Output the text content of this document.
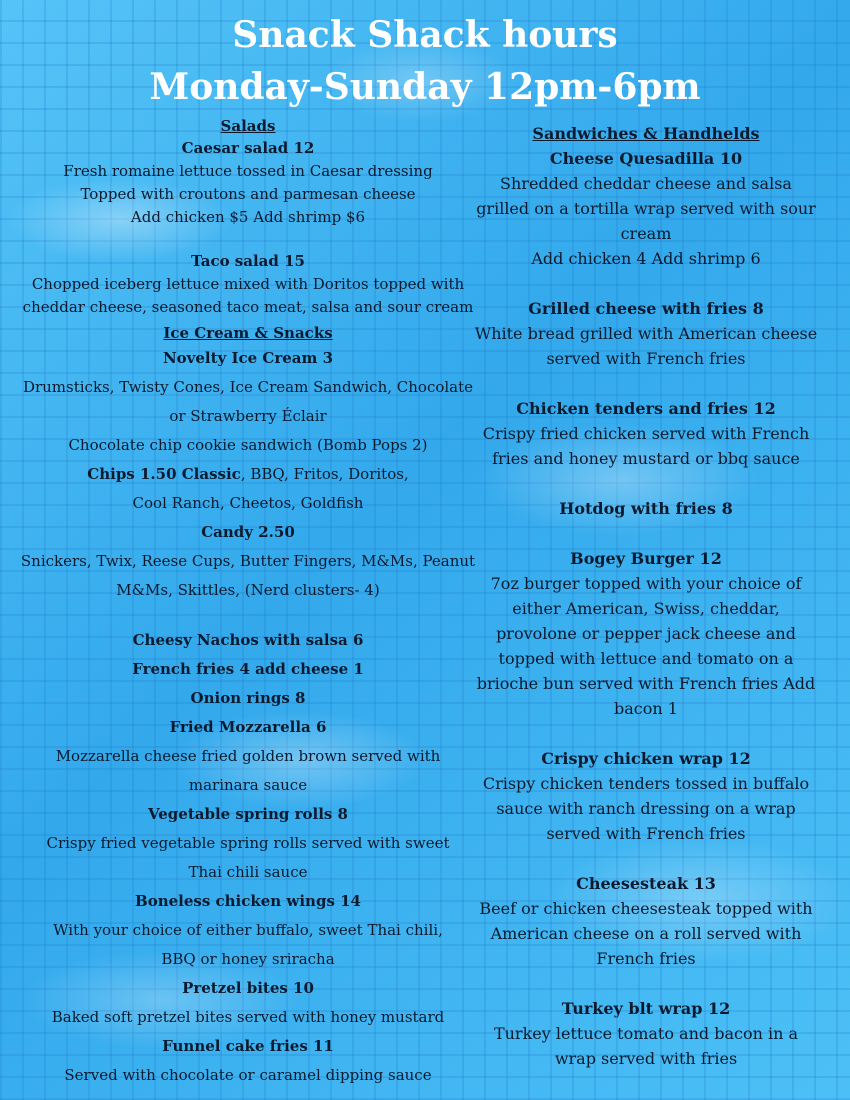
Snack Shack hours
Monday-Sunday 12pm-6pm
Salads
Caesar salad 12
Fresh romaine lettuce tossed in Caesar dressing
Topped with croutons and parmesan cheese
Add chicken $5 Add shrimp $6
Taco salad 15
Chopped iceberg lettuce mixed with Doritos topped with
cheddar cheese, seasoned taco meat, salsa and sour cream
Ice Cream & Snacks
Novelty Ice Cream 3
Drumsticks, Twisty Cones, Ice Cream Sandwich, Chocolate
or Strawberry Éclair
Chocolate chip cookie sandwich (Bomb Pops 2)
Chips 1.50 Classic, BBQ, Fritos, Doritos,
Cool Ranch, Cheetos, Goldfish
Candy 2.50
Snickers, Twix, Reese Cups, Butter Fingers, M&Ms, Peanut
M&Ms, Skittles, (Nerd clusters- 4)
Cheesy Nachos with salsa 6
French fries 4 add cheese 1
Onion rings 8
Fried Mozzarella 6
Mozzarella cheese fried golden brown served with
marinara sauce
Vegetable spring rolls 8
Crispy fried vegetable spring rolls served with sweet
Thai chili sauce
Boneless chicken wings 14
With your choice of either buffalo, sweet Thai chili,
BBQ or honey sriracha
Pretzel bites 10
Baked soft pretzel bites served with honey mustard
Funnel cake fries 11
Served with chocolate or caramel dipping sauce
Sandwiches & Handhelds
Cheese Quesadilla 10
Shredded cheddar cheese and salsa
grilled on a tortilla wrap served with sour
cream
Add chicken 4 Add shrimp 6
Grilled cheese with fries 8
White bread grilled with American cheese
served with French fries
Chicken tenders and fries 12
Crispy fried chicken served with French
fries and honey mustard or bbq sauce
Hotdog with fries 8
Bogey Burger 12
7oz burger topped with your choice of
either American, Swiss, cheddar,
provolone or pepper jack cheese and
topped with lettuce and tomato on a
brioche bun served with French fries Add
bacon 1
Crispy chicken wrap 12
Crispy chicken tenders tossed in buffalo
sauce with ranch dressing on a wrap
served with French fries
Cheesesteak 13
Beef or chicken cheesesteak topped with
American cheese on a roll served with
French fries
Turkey blt wrap 12
Turkey lettuce tomato and bacon in a
wrap served with fries
